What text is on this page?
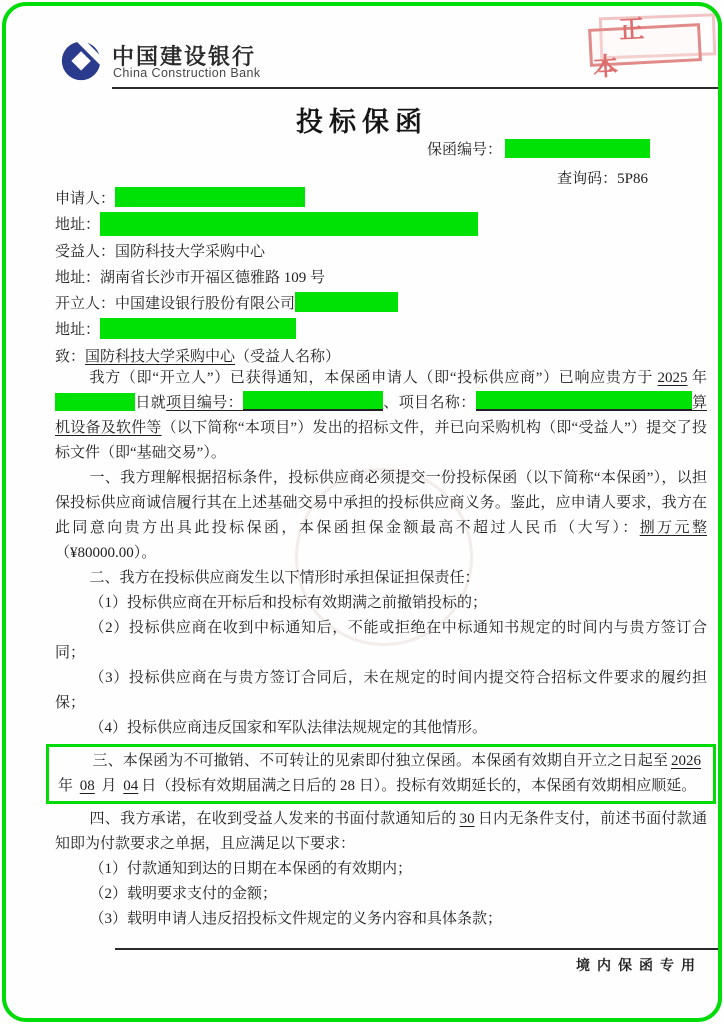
中国建设银行
China Construction Bank
正本
投标保函
保函编号：
查询码：5P86
申请人：
地址：
受益人：国防科技大学采购中心
地址：湖南省长沙市开福区德雅路 109 号
开立人：中国建设银行股份有限公司
地址：
致：国防科技大学采购中心（受益人名称）

我方（即“开立人”）已获得通知，本保函申请人（即“投标供应商”）已响应贵方于 2025 年日就项目编号：	、项目名称：	算机设备及软件等（以下简称“本项目”）发出的招标文件，并已向采购机构（即“受益人”）提交了投标文件（即“基础交易”）。

一、我方理解根据招标条件，投标供应商必须提交一份投标保函（以下简称“本保函”），以担保投标供应商诚信履行其在上述基础交易中承担的投标供应商义务。鉴此，应申请人要求，我方在此同意向贵方出具此投标保函，本保函担保金额最高不超过人民币（大写）：捌万元整（¥80000.00）。

二、我方在投标供应商发生以下情形时承担保证担保责任：

（1）投标供应商在开标后和投标有效期满之前撤销投标的；

（2）投标供应商在收到中标通知后，不能或拒绝在中标通知书规定的时间内与贵方签订合同；

（3）投标供应商在与贵方签订合同后，未在规定的时间内提交符合招标文件要求的履约担保；

（4）投标供应商违反国家和军队法律法规规定的其他情形。

三、本保函为不可撤销、不可转让的见索即付独立保函。本保函有效期自开立之日起至 2026 年 08 月 04 日（投标有效期届满之日后的 28 日）。投标有效期延长的，本保函有效期相应顺延。

四、我方承诺，在收到受益人发来的书面付款通知后的 30 日内无条件支付，前述书面付款通知即为付款要求之单据，且应满足以下要求：

（1）付款通知到达的日期在本保函的有效期内；

（2）载明要求支付的金额；

（3）载明申请人违反招投标文件规定的义务内容和具体条款；

境内保函专用
